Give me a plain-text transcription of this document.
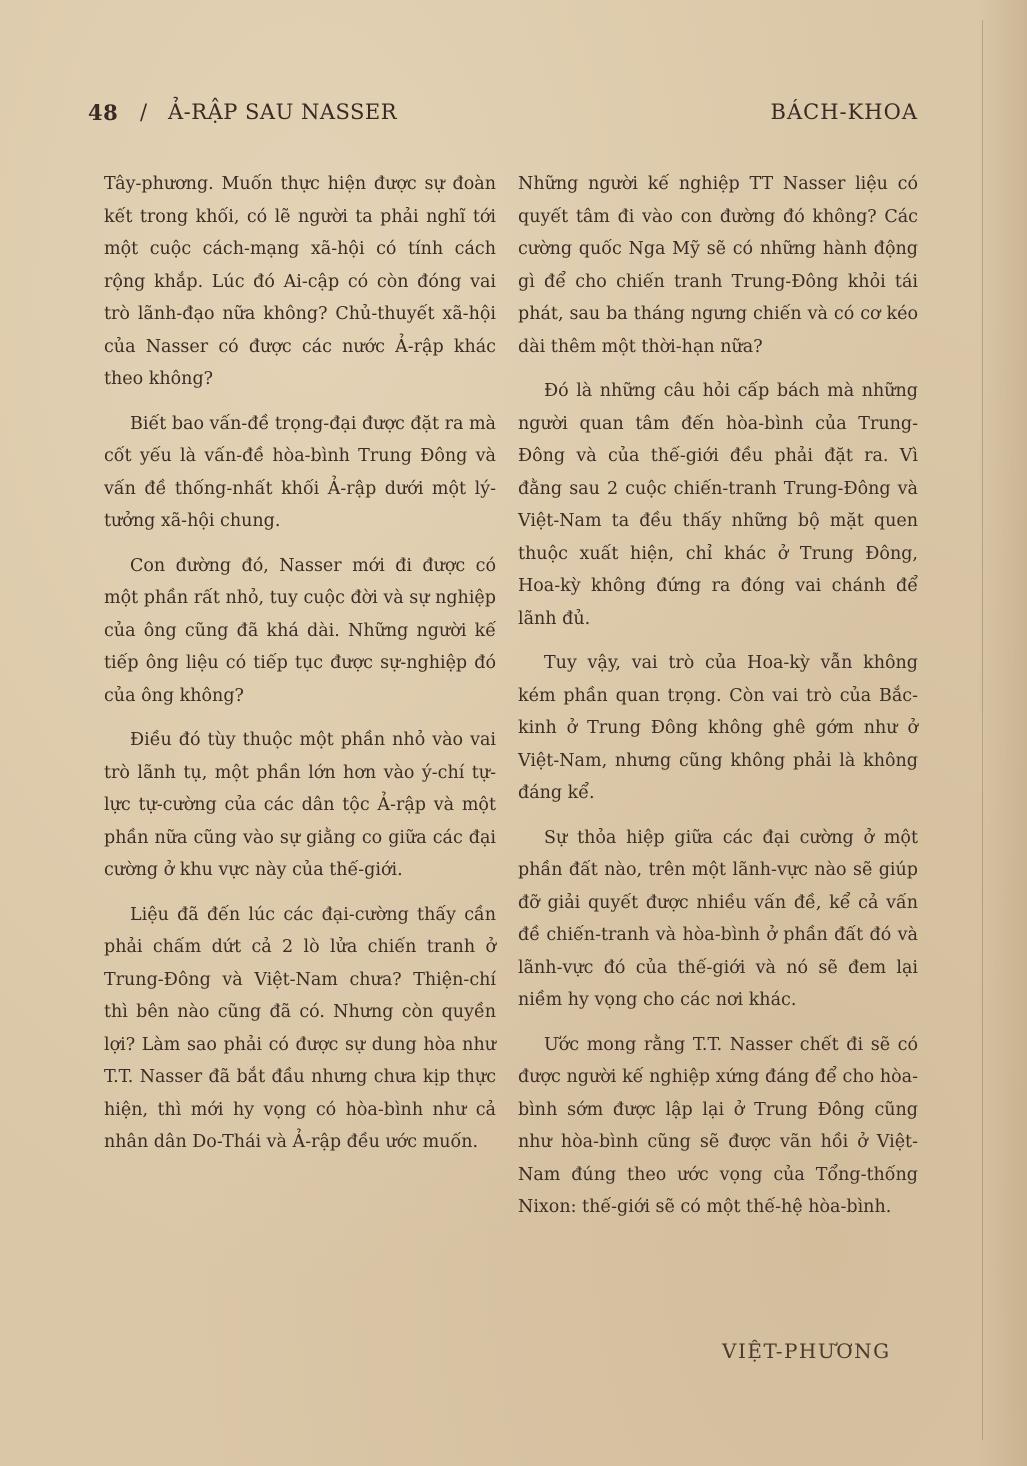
48 / Ả-RẬP SAU NASSER	BÁCH-KHOA

Tây-phương. Muốn thực hiện được sự đoàn kết trong khối, có lẽ người ta phải nghĩ tới một cuộc cách-mạng xã-hội có tính cách rộng khắp. Lúc đó Ai-cập có còn đóng vai trò lãnh-đạo nữa không? Chủ-thuyết xã-hội của Nasser có được các nước Ả-rập khác theo không?

Biết bao vấn-đề trọng-đại được đặt ra mà cốt yếu là vấn-đề hòa-bình Trung Đông và vấn đề thống-nhất khối Ả-rập dưới một lý-tưởng xã-hội chung.

Con đường đó, Nasser mới đi được có một phần rất nhỏ, tuy cuộc đời và sự nghiệp của ông cũng đã khá dài. Những người kế tiếp ông liệu có tiếp tục được sự-nghiệp đó của ông không?

Điều đó tùy thuộc một phần nhỏ vào vai trò lãnh tụ, một phần lớn hơn vào ý-chí tự-lực tự-cường của các dân tộc Ả-rập và một phần nữa cũng vào sự giằng co giữa các đại cường ở khu vực này của thế-giới.

Liệu đã đến lúc các đại-cường thấy cần phải chấm dứt cả 2 lò lửa chiến tranh ở Trung-Đông và Việt-Nam chưa? Thiện-chí thì bên nào cũng đã có. Nhưng còn quyền lợi? Làm sao phải có được sự dung hòa như T.T. Nasser đã bắt đầu nhưng chưa kịp thực hiện, thì mới hy vọng có hòa-bình như cả nhân dân Do-Thái và Ả-rập đều ước muốn.

Những người kế nghiệp TT Nasser liệu có quyết tâm đi vào con đường đó không? Các cường quốc Nga Mỹ sẽ có những hành động gì để cho chiến tranh Trung-Đông khỏi tái phát, sau ba tháng ngưng chiến và có cơ kéo dài thêm một thời-hạn nữa?

Đó là những câu hỏi cấp bách mà những người quan tâm đến hòa-bình của Trung-Đông và của thế-giới đều phải đặt ra. Vì đằng sau 2 cuộc chiến-tranh Trung-Đông và Việt-Nam ta đều thấy những bộ mặt quen thuộc xuất hiện, chỉ khác ở Trung Đông, Hoa-kỳ không đứng ra đóng vai chánh để lãnh đủ.

Tuy vậy, vai trò của Hoa-kỳ vẫn không kém phần quan trọng. Còn vai trò của Bắc-kinh ở Trung Đông không ghê gớm như ở Việt-Nam, nhưng cũng không phải là không đáng kể.

Sự thỏa hiệp giữa các đại cường ở một phần đất nào, trên một lãnh-vực nào sẽ giúp đỡ giải quyết được nhiều vấn đề, kể cả vấn đề chiến-tranh và hòa-bình ở phần đất đó và lãnh-vực đó của thế-giới và nó sẽ đem lại niềm hy vọng cho các nơi khác.

Ước mong rằng T.T. Nasser chết đi sẽ có được người kế nghiệp xứng đáng để cho hòa-bình sớm được lập lại ở Trung Đông cũng như hòa-bình cũng sẽ được vãn hồi ở Việt-Nam đúng theo ước vọng của Tổng-thống Nixon: thế-giới sẽ có một thế-hệ hòa-bình.

VIỆT-PHƯƠNG
